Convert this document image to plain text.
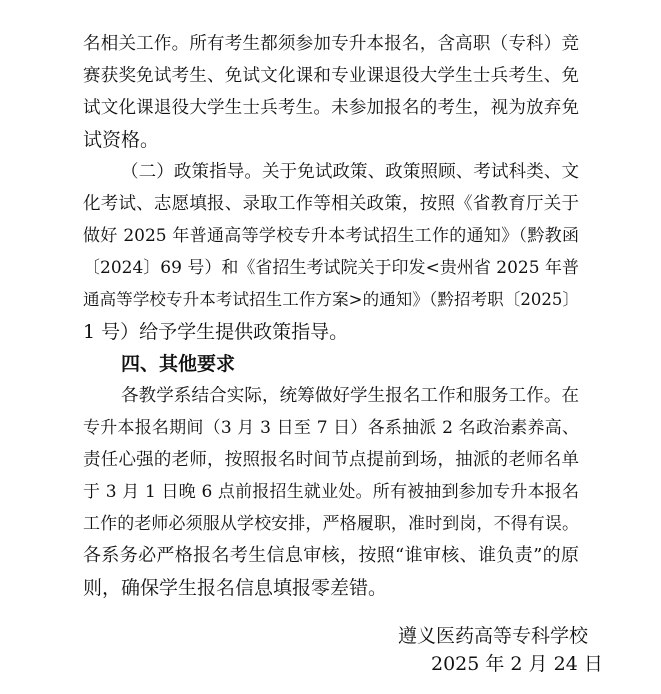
名相关工作。所有考生都须参加专升本报名，含高职（专科）竞
赛获奖免试考生、免试文化课和专业课退役大学生士兵考生、免
试文化课退役大学生士兵考生。未参加报名的考生，视为放弃免
试资格。
（二）政策指导。关于免试政策、政策照顾、考试科类、文
化考试、志愿填报、录取工作等相关政策，按照《省教育厅关于
做好 2025 年普通高等学校专升本考试招生工作的通知》（黔教函
〔2024〕69 号）和《省招生考试院关于印发<贵州省 2025 年普
通高等学校专升本考试招生工作方案>的通知》（黔招考职〔2025〕
1 号）给予学生提供政策指导。
四、其他要求
各教学系结合实际，统筹做好学生报名工作和服务工作。在
专升本报名期间（3 月 3 日至 7 日）各系抽派 2 名政治素养高、
责任心强的老师，按照报名时间节点提前到场，抽派的老师名单
于 3 月 1 日晚 6 点前报招生就业处。所有被抽到参加专升本报名
工作的老师必须服从学校安排，严格履职，准时到岗，不得有误。
各系务必严格报名考生信息审核，按照“谁审核、谁负责”的原
则，确保学生报名信息填报零差错。
遵义医药高等专科学校
2025 年 2 月 24 日
